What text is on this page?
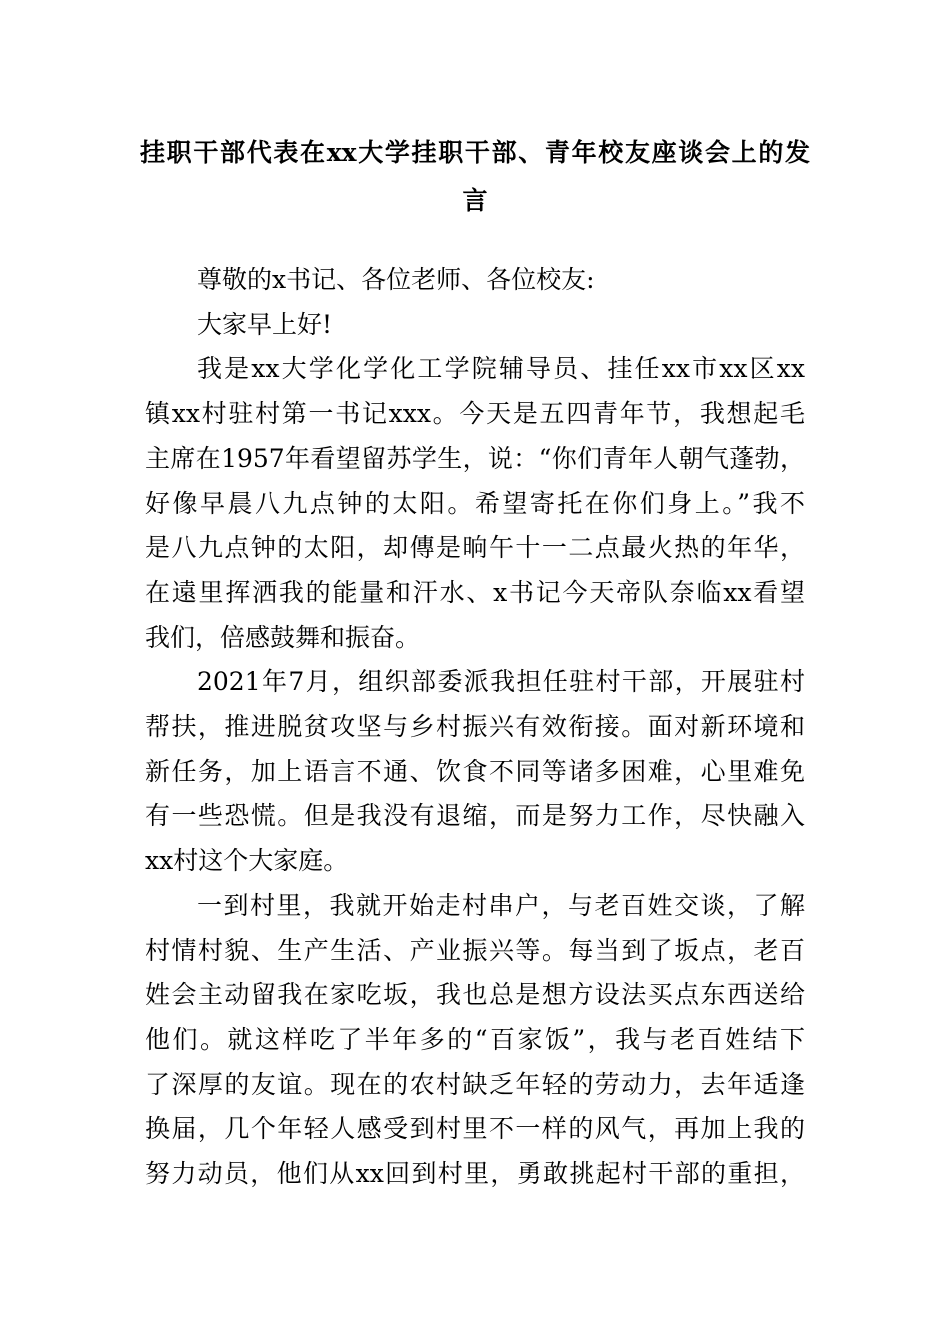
挂职干部代表在xx大学挂职干部、青年校友座谈会上的发
言
尊敬的x书记、各位老师、各位校友:
大家早上好!
我是xx大学化学化工学院辅导员、挂任xx市xx区xx
镇xx村驻村第一书记xxx。今天是五四青年节，我想起毛
主席在1957年看望留苏学生，说：“你们青年人朝气蓬勃，
好像早晨八九点钟的太阳。希望寄托在你们身上。”我不
是八九点钟的太阳，却傳是晌午十一二点最火热的年华，
在遠里挥洒我的能量和汗水、x书记今天帝队奈临xx看望
我们，倍感鼓舞和振奋。
2021年7月，组织部委派我担任驻村干部，开展驻村
帮扶，推进脱贫攻坚与乡村振兴有效衔接。面对新环境和
新任务，加上语言不通、饮食不同等诸多困难，心里难免
有一些恐慌。但是我没有退缩，而是努力工作，尽快融入
xx村这个大家庭。
一到村里，我就开始走村串户，与老百姓交谈，了解
村情村貌、生产生活、产业振兴等。每当到了坂点，老百
姓会主动留我在家吃坂，我也总是想方设法买点东西送给
他们。就这样吃了半年多的“百家饭”，我与老百姓结下
了深厚的友谊。现在的农村缺乏年轻的劳动力，去年适逢
换届，几个年轻人感受到村里不一样的风气，再加上我的
努力动员，他们从xx回到村里，勇敢挑起村干部的重担，
